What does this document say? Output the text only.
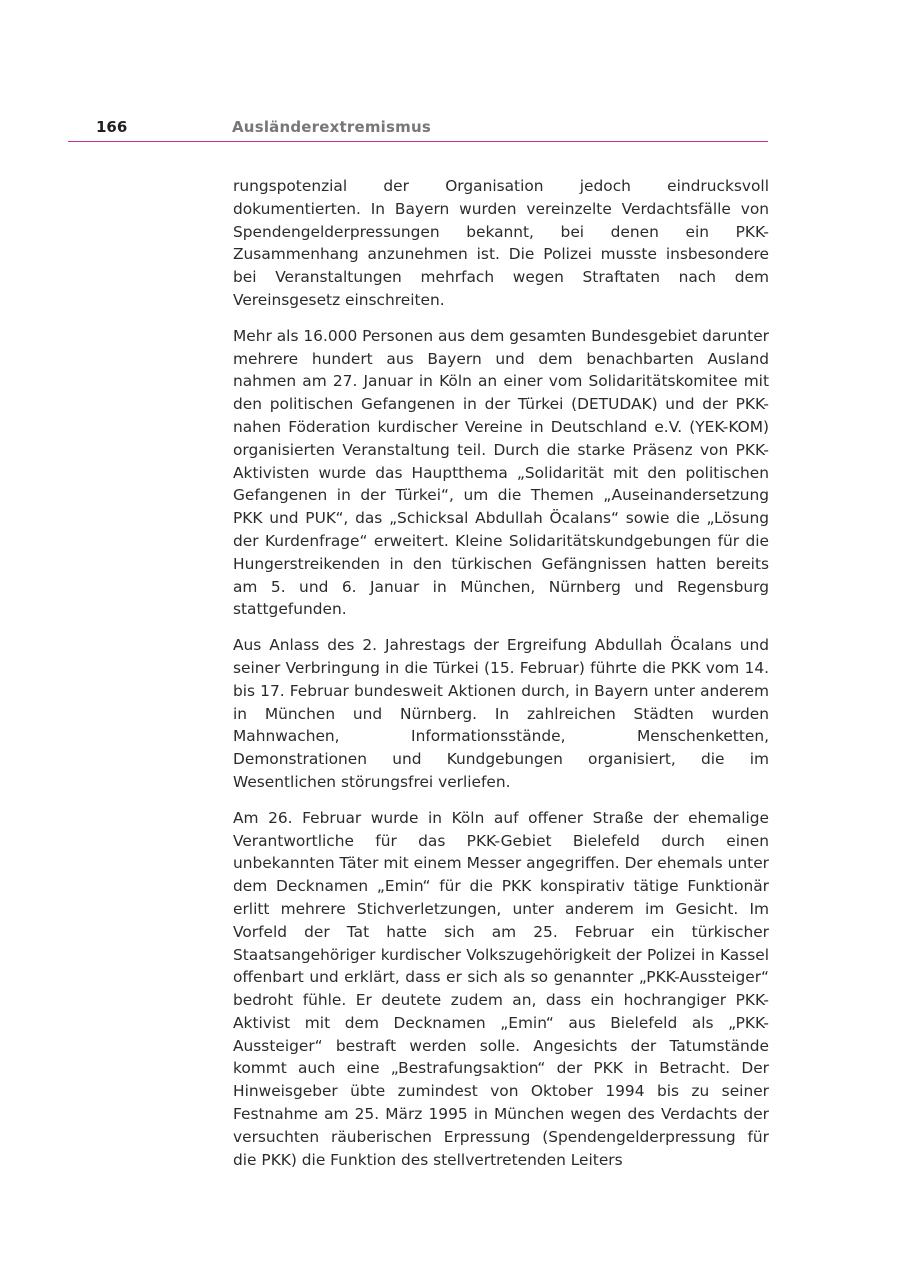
166	Ausländerextremismus

rungspotenzial der Organisation jedoch eindrucksvoll dokumentierten. In Bayern wurden vereinzelte Verdachtsfälle von Spendengelderpressungen bekannt, bei denen ein PKK-Zusammenhang anzunehmen ist. Die Polizei musste insbesondere bei Veranstaltungen mehrfach wegen Straftaten nach dem Vereinsgesetz einschreiten.

Mehr als 16.000 Personen aus dem gesamten Bundesgebiet darunter mehrere hundert aus Bayern und dem benachbarten Ausland nahmen am 27. Januar in Köln an einer vom Solidaritätskomitee mit den politischen Gefangenen in der Türkei (DETUDAK) und der PKK-nahen Föderation kurdischer Vereine in Deutschland e.V. (YEK-KOM) organisierten Veranstaltung teil. Durch die starke Präsenz von PKK-Aktivisten wurde das Hauptthema „Solidarität mit den politischen Gefangenen in der Türkei“, um die Themen „Auseinandersetzung PKK und PUK“, das „Schicksal Abdullah Öcalans“ sowie die „Lösung der Kurdenfrage“ erweitert. Kleine Solidaritätskundgebungen für die Hungerstreikenden in den türkischen Gefängnissen hatten bereits am 5. und 6. Januar in München, Nürnberg und Regensburg stattgefunden.

Aus Anlass des 2. Jahrestags der Ergreifung Abdullah Öcalans und seiner Verbringung in die Türkei (15. Februar) führte die PKK vom 14. bis 17. Februar bundesweit Aktionen durch, in Bayern unter anderem in München und Nürnberg. In zahlreichen Städten wurden Mahnwachen, Informationsstände, Menschenketten, Demonstrationen und Kundgebungen organisiert, die im Wesentlichen störungsfrei verliefen.

Am 26. Februar wurde in Köln auf offener Straße der ehemalige Verantwortliche für das PKK-Gebiet Bielefeld durch einen unbekannten Täter mit einem Messer angegriffen. Der ehemals unter dem Decknamen „Emin“ für die PKK konspirativ tätige Funktionär erlitt mehrere Stichverletzungen, unter anderem im Gesicht. Im Vorfeld der Tat hatte sich am 25. Februar ein türkischer Staatsangehöriger kurdischer Volkszugehörigkeit der Polizei in Kassel offenbart und erklärt, dass er sich als so genannter „PKK-Aussteiger“ bedroht fühle. Er deutete zudem an, dass ein hochrangiger PKK-Aktivist mit dem Decknamen „Emin“ aus Bielefeld als „PKK-Aussteiger“ bestraft werden solle. Angesichts der Tatumstände kommt auch eine „Bestrafungsaktion“ der PKK in Betracht. Der Hinweisgeber übte zumindest von Oktober 1994 bis zu seiner Festnahme am 25. März 1995 in München wegen des Verdachts der versuchten räuberischen Erpressung (Spendengelderpressung für die PKK) die Funktion des stellvertretenden Leiters
